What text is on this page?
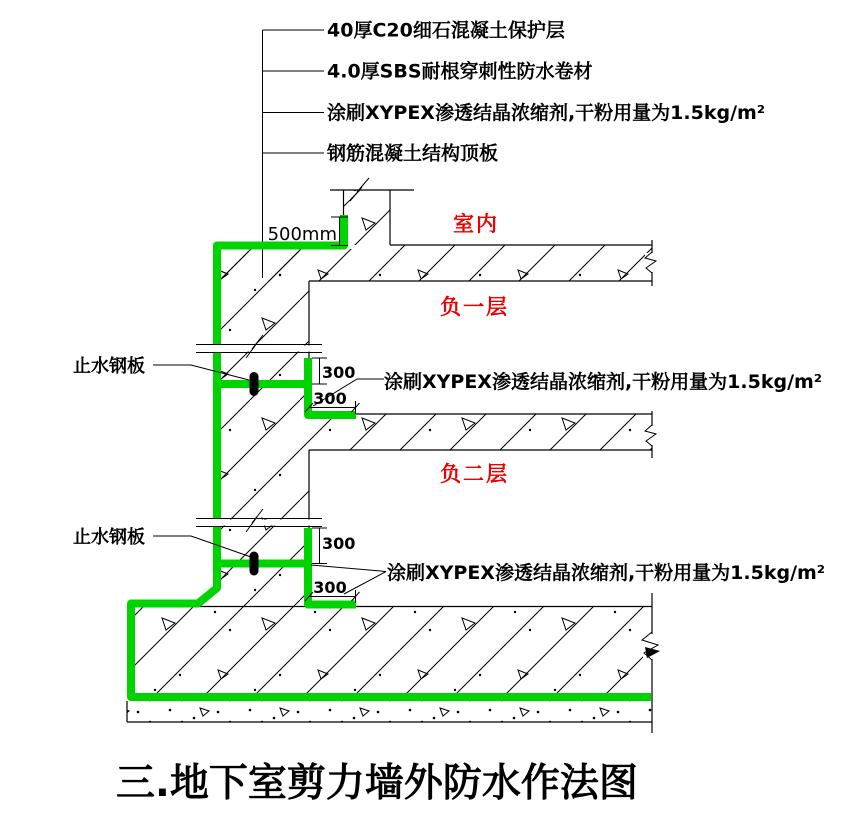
500mm
300
300
300
300
40厚C20细石混凝土保护层
4.0厚SBS耐根穿刺性防水卷材
涂刷XYPEX渗透结晶浓缩剂,干粉用量为1.5kg/m²
钢筋混凝土结构顶板
止水钢板
止水钢板
涂刷XYPEX渗透结晶浓缩剂,干粉用量为1.5kg/m²
涂刷XYPEX渗透结晶浓缩剂,干粉用量为1.5kg/m²
室内
负一层
负二层
三.地下室剪力墙外防水作法图
